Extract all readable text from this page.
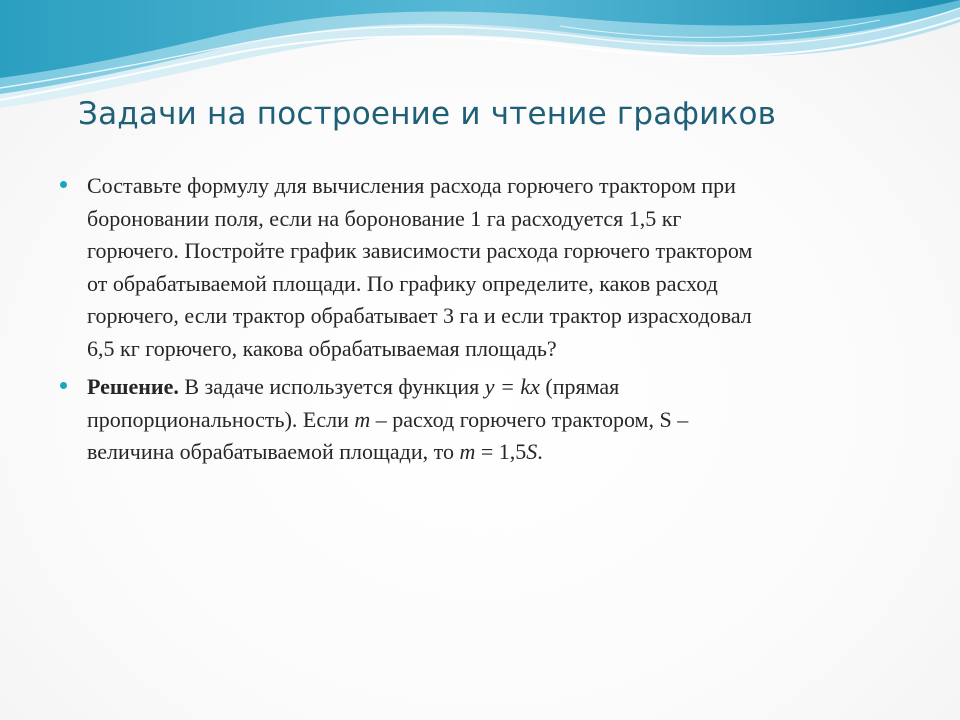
Задачи на построение и чтение графиков
Составьте формулу для вычисления расхода горючего трактором при
бороновании поля, если на боронование 1 га расходуется 1,5 кг
горючего. Постройте график зависимости расхода горючего трактором
от обрабатываемой площади. По графику определите, каков расход
горючего, если трактор обрабатывает 3 га и если трактор израсходовал
6,5 кг горючего, какова обрабатываемая площадь?
Решение. В задаче используется функция y = kx (прямая
пропорциональность). Если m – расход горючего трактором, S –
величина обрабатываемой площади, то m = 1,5S.
